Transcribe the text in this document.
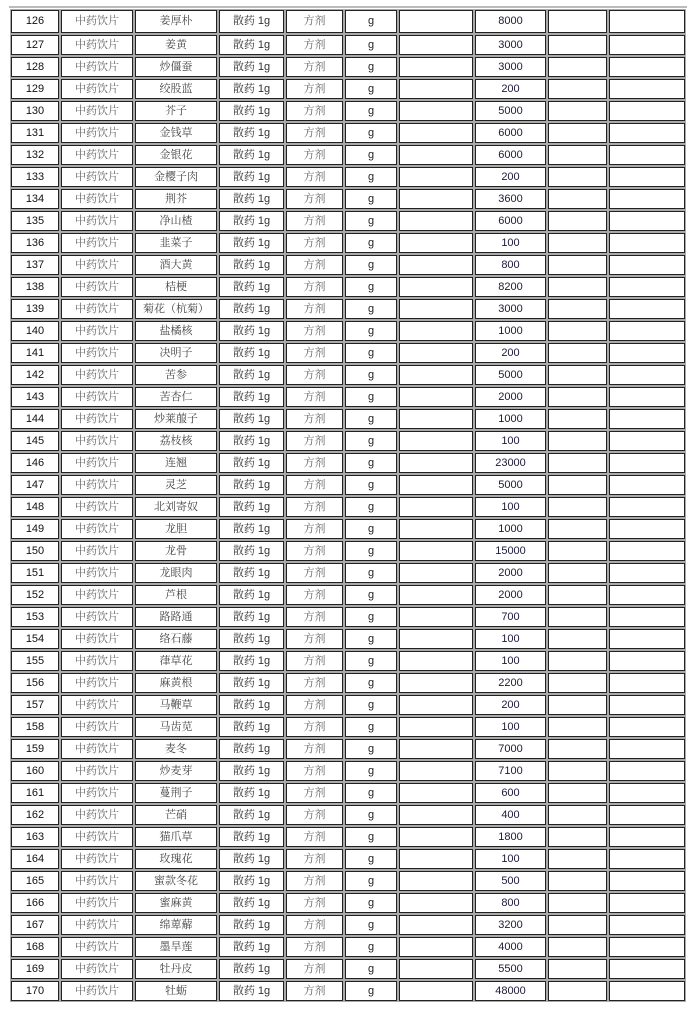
126	中药饮片	姜厚朴	散药 1g	方剂	g		8000		
127	中药饮片	姜黄	散药 1g	方剂	g		3000		
128	中药饮片	炒僵蚕	散药 1g	方剂	g		3000		
129	中药饮片	绞股蓝	散药 1g	方剂	g		200		
130	中药饮片	芥子	散药 1g	方剂	g		5000		
131	中药饮片	金钱草	散药 1g	方剂	g		6000		
132	中药饮片	金银花	散药 1g	方剂	g		6000		
133	中药饮片	金樱子肉	散药 1g	方剂	g		200		
134	中药饮片	荆芥	散药 1g	方剂	g		3600		
135	中药饮片	净山楂	散药 1g	方剂	g		6000		
136	中药饮片	韭菜子	散药 1g	方剂	g		100		
137	中药饮片	酒大黄	散药 1g	方剂	g		800		
138	中药饮片	桔梗	散药 1g	方剂	g		8200		
139	中药饮片	菊花（杭菊）	散药 1g	方剂	g		3000		
140	中药饮片	盐橘核	散药 1g	方剂	g		1000		
141	中药饮片	决明子	散药 1g	方剂	g		200		
142	中药饮片	苦参	散药 1g	方剂	g		5000		
143	中药饮片	苦杏仁	散药 1g	方剂	g		2000		
144	中药饮片	炒莱菔子	散药 1g	方剂	g		1000		
145	中药饮片	荔枝核	散药 1g	方剂	g		100		
146	中药饮片	连翘	散药 1g	方剂	g		23000		
147	中药饮片	灵芝	散药 1g	方剂	g		5000		
148	中药饮片	北刘寄奴	散药 1g	方剂	g		100		
149	中药饮片	龙胆	散药 1g	方剂	g		1000		
150	中药饮片	龙骨	散药 1g	方剂	g		15000		
151	中药饮片	龙眼肉	散药 1g	方剂	g		2000		
152	中药饮片	芦根	散药 1g	方剂	g		2000		
153	中药饮片	路路通	散药 1g	方剂	g		700		
154	中药饮片	络石藤	散药 1g	方剂	g		100		
155	中药饮片	葎草花	散药 1g	方剂	g		100		
156	中药饮片	麻黄根	散药 1g	方剂	g		2200		
157	中药饮片	马鞭草	散药 1g	方剂	g		200		
158	中药饮片	马齿苋	散药 1g	方剂	g		100		
159	中药饮片	麦冬	散药 1g	方剂	g		7000		
160	中药饮片	炒麦芽	散药 1g	方剂	g		7100		
161	中药饮片	蔓荆子	散药 1g	方剂	g		600		
162	中药饮片	芒硝	散药 1g	方剂	g		400		
163	中药饮片	猫爪草	散药 1g	方剂	g		1800		
164	中药饮片	玫瑰花	散药 1g	方剂	g		100		
165	中药饮片	蜜款冬花	散药 1g	方剂	g		500		
166	中药饮片	蜜麻黄	散药 1g	方剂	g		800		
167	中药饮片	绵萆薢	散药 1g	方剂	g		3200		
168	中药饮片	墨旱莲	散药 1g	方剂	g		4000		
169	中药饮片	牡丹皮	散药 1g	方剂	g		5500		
170	中药饮片	牡蛎	散药 1g	方剂	g		48000		
